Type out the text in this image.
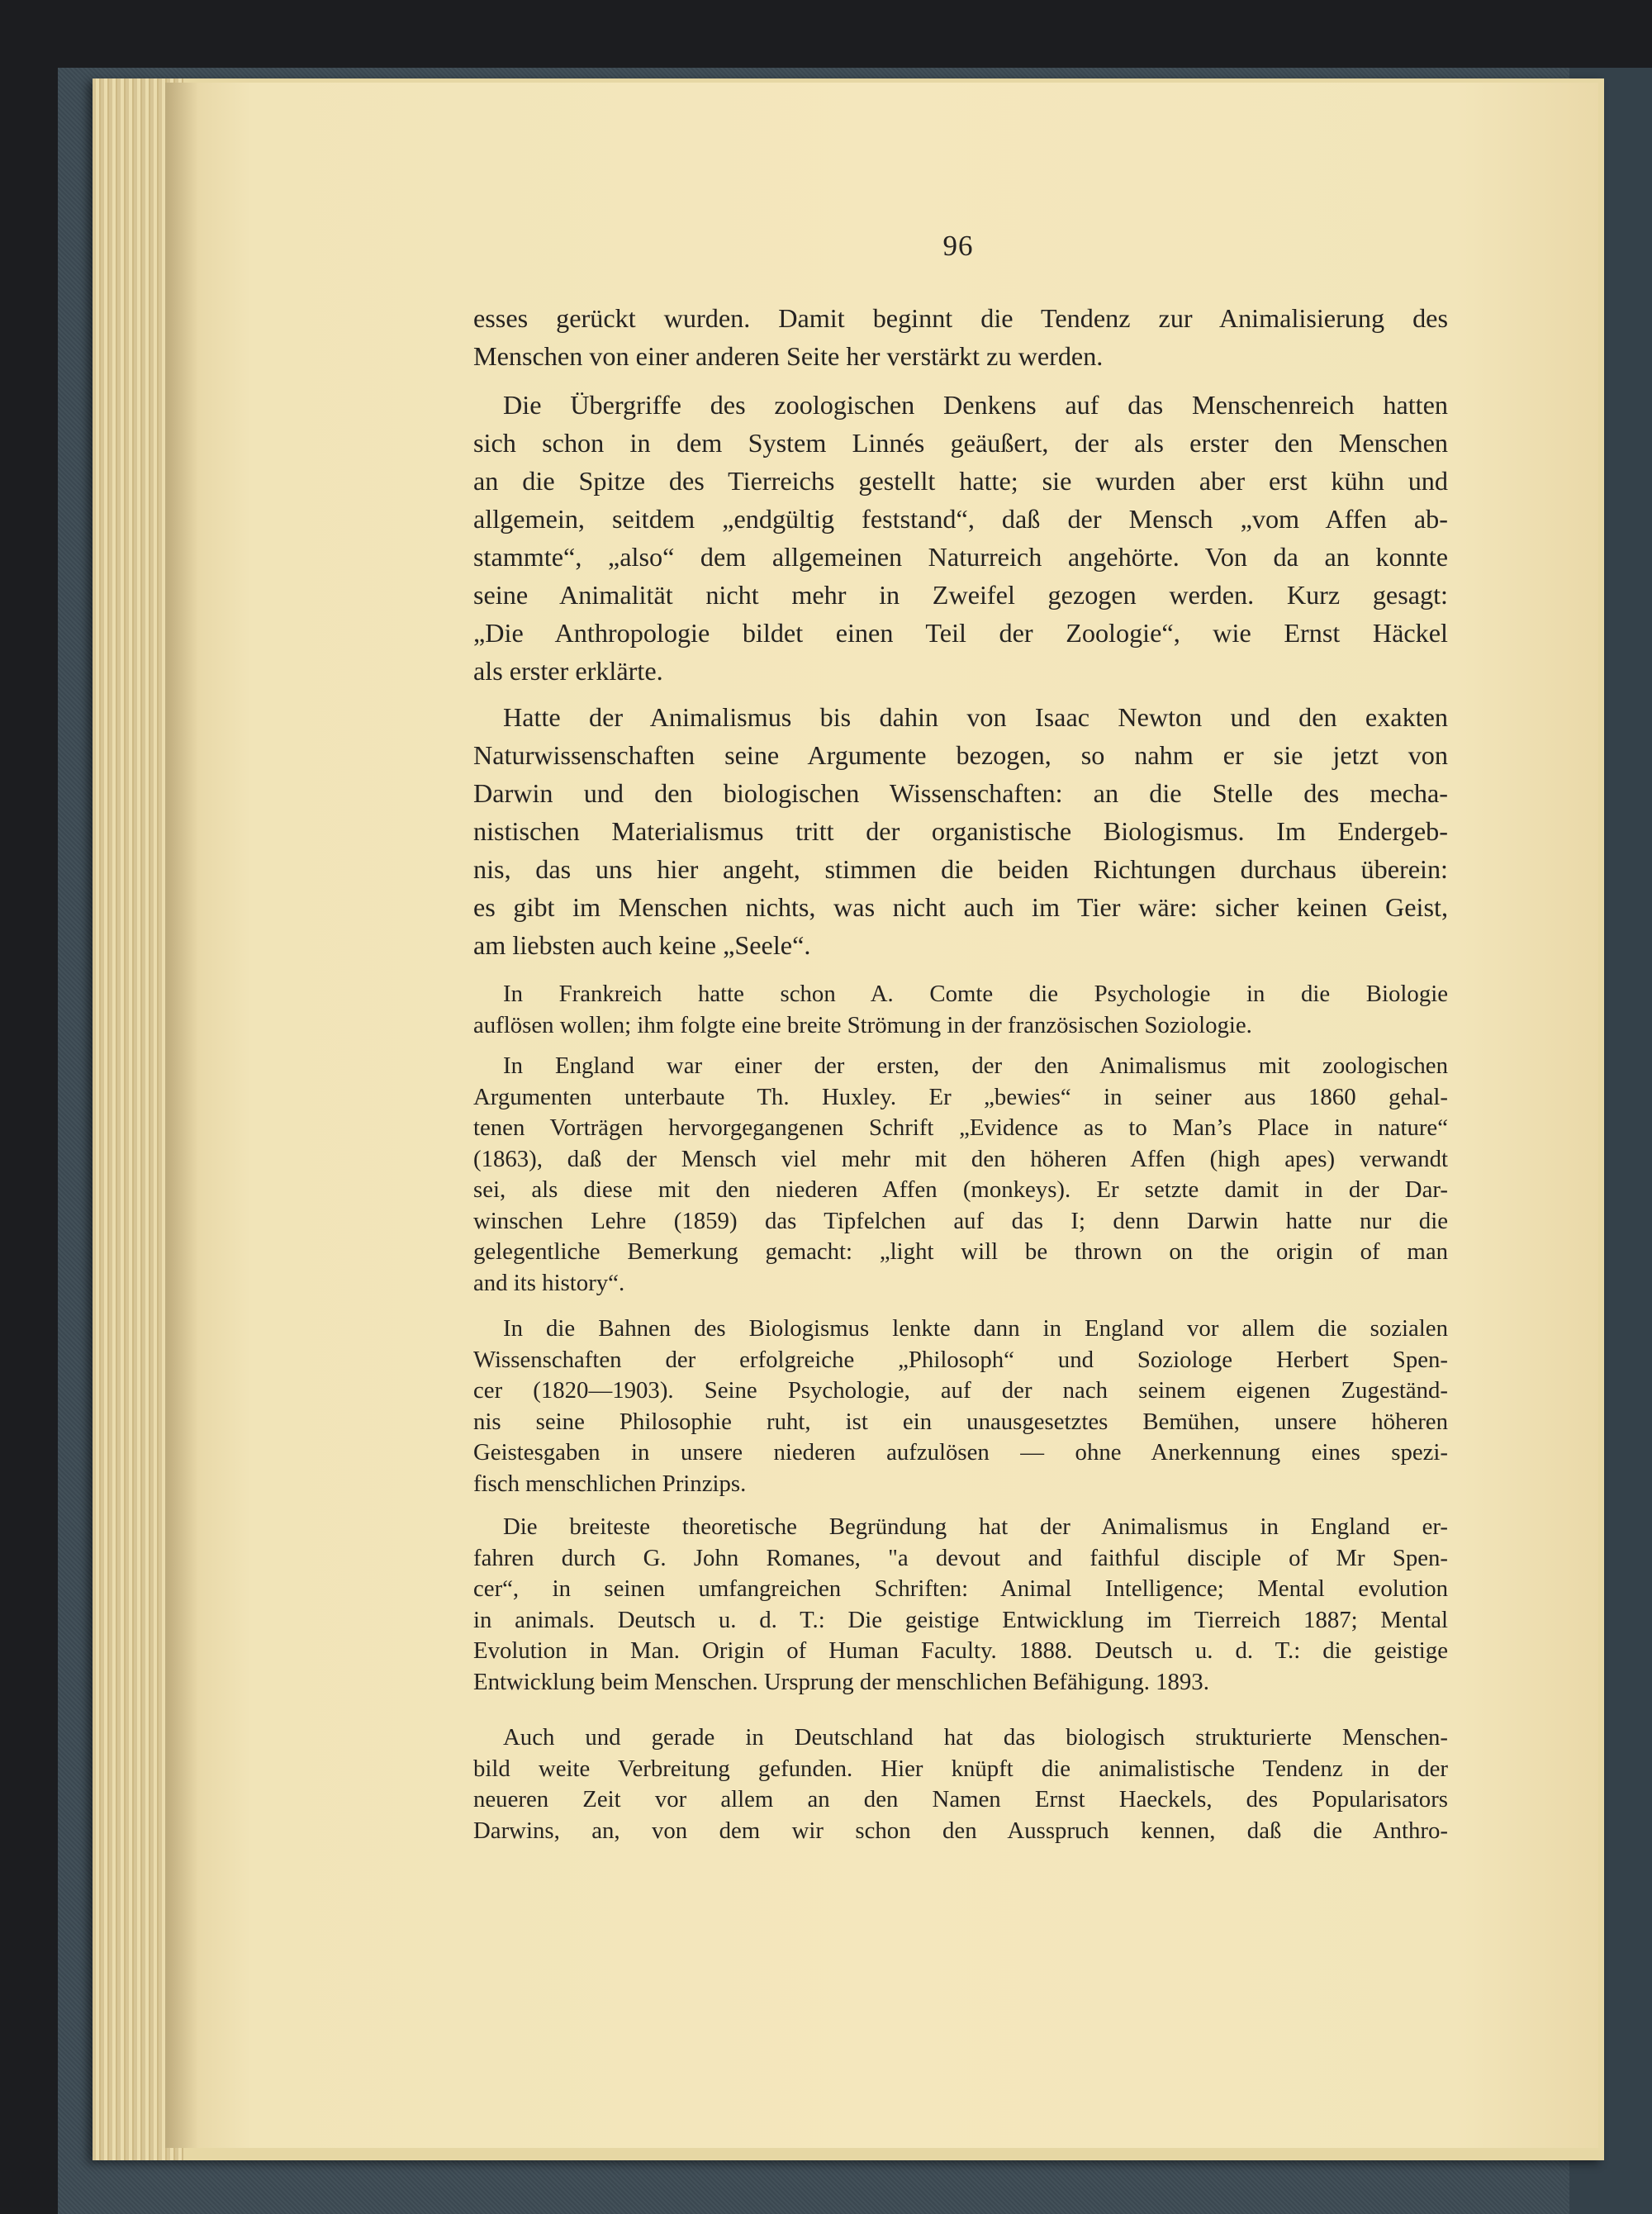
96
esses gerückt wurden. Damit beginnt die Tendenz zur Animalisierung des
Menschen von einer anderen Seite her verstärkt zu werden.
Die Übergriffe des zoologischen Denkens auf das Menschenreich hatten
sich schon in dem System Linnés geäußert, der als erster den Menschen
an die Spitze des Tierreichs gestellt hatte; sie wurden aber erst kühn und
allgemein, seitdem „endgültig feststand“, daß der Mensch „vom Affen ab-
stammte“, „also“ dem allgemeinen Naturreich angehörte. Von da an konnte
seine Animalität nicht mehr in Zweifel gezogen werden. Kurz gesagt:
„Die Anthropologie bildet einen Teil der Zoologie“, wie Ernst Häckel
als erster erklärte.
Hatte der Animalismus bis dahin von Isaac Newton und den exakten
Naturwissenschaften seine Argumente bezogen, so nahm er sie jetzt von
Darwin und den biologischen Wissenschaften: an die Stelle des mecha-
nistischen Materialismus tritt der organistische Biologismus. Im Endergeb-
nis, das uns hier angeht, stimmen die beiden Richtungen durchaus überein:
es gibt im Menschen nichts, was nicht auch im Tier wäre: sicher keinen Geist,
am liebsten auch keine „Seele“.
In Frankreich hatte schon A. Comte die Psychologie in die Biologie
auflösen wollen; ihm folgte eine breite Strömung in der französischen Soziologie.
In England war einer der ersten, der den Animalismus mit zoologischen
Argumenten unterbaute Th. Huxley. Er „bewies“ in seiner aus 1860 gehal-
tenen Vorträgen hervorgegangenen Schrift „Evidence as to Man’s Place in nature“
(1863), daß der Mensch viel mehr mit den höheren Affen (high apes) verwandt
sei, als diese mit den niederen Affen (monkeys). Er setzte damit in der Dar-
winschen Lehre (1859) das Tipfelchen auf das I; denn Darwin hatte nur die
gelegentliche Bemerkung gemacht: „light will be thrown on the origin of man
and its history“.
In die Bahnen des Biologismus lenkte dann in England vor allem die sozialen
Wissenschaften der erfolgreiche „Philosoph“ und Soziologe Herbert Spen-
cer (1820—1903). Seine Psychologie, auf der nach seinem eigenen Zugeständ-
nis seine Philosophie ruht, ist ein unausgesetztes Bemühen, unsere höheren
Geistesgaben in unsere niederen aufzulösen — ohne Anerkennung eines spezi-
fisch menschlichen Prinzips.
Die breiteste theoretische Begründung hat der Animalismus in England er-
fahren durch G. John Romanes, "a devout and faithful disciple of Mr Spen-
cer“, in seinen umfangreichen Schriften: Animal Intelligence; Mental evolution
in animals. Deutsch u. d. T.: Die geistige Entwicklung im Tierreich 1887; Mental
Evolution in Man. Origin of Human Faculty. 1888. Deutsch u. d. T.: die geistige
Entwicklung beim Menschen. Ursprung der menschlichen Befähigung. 1893.
Auch und gerade in Deutschland hat das biologisch strukturierte Menschen-
bild weite Verbreitung gefunden. Hier knüpft die animalistische Tendenz in der
neueren Zeit vor allem an den Namen Ernst Haeckels, des Popularisators
Darwins, an, von dem wir schon den Ausspruch kennen, daß die Anthro-
